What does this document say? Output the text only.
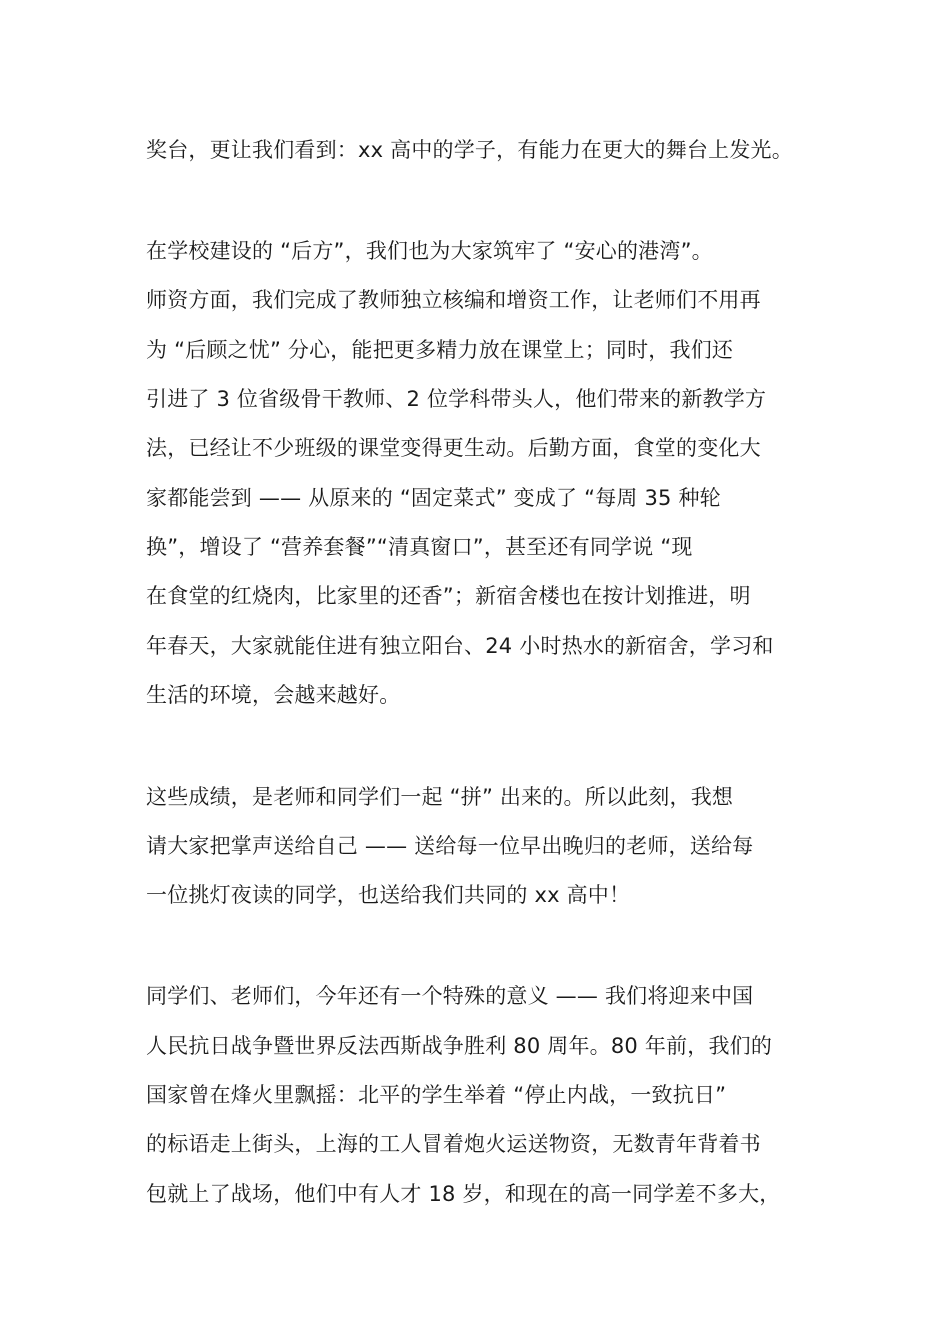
奖台，更让我们看到：xx 高中的学子，有能力在更大的舞台上发光。
在学校建设的 “后方”，我们也为大家筑牢了 “安心的港湾”。
师资方面，我们完成了教师独立核编和增资工作，让老师们不用再
为 “后顾之忧” 分心，能把更多精力放在课堂上；同时，我们还
引进了 3 位省级骨干教师、2 位学科带头人，他们带来的新教学方
法，已经让不少班级的课堂变得更生动。后勤方面，食堂的变化大
家都能尝到 —— 从原来的 “固定菜式” 变成了 “每周 35 种轮
换”，增设了 “营养套餐”“清真窗口”，甚至还有同学说 “现
在食堂的红烧肉，比家里的还香”；新宿舍楼也在按计划推进，明
年春天，大家就能住进有独立阳台、24 小时热水的新宿舍，学习和
生活的环境，会越来越好。
这些成绩，是老师和同学们一起 “拼” 出来的。所以此刻，我想
请大家把掌声送给自己 —— 送给每一位早出晚归的老师，送给每
一位挑灯夜读的同学，也送给我们共同的 xx 高中！
同学们、老师们，今年还有一个特殊的意义 —— 我们将迎来中国
人民抗日战争暨世界反法西斯战争胜利 80 周年。80 年前，我们的
国家曾在烽火里飘摇：北平的学生举着 “停止内战，一致抗日”
的标语走上街头，上海的工人冒着炮火运送物资，无数青年背着书
包就上了战场，他们中有人才 18 岁，和现在的高一同学差不多大，
